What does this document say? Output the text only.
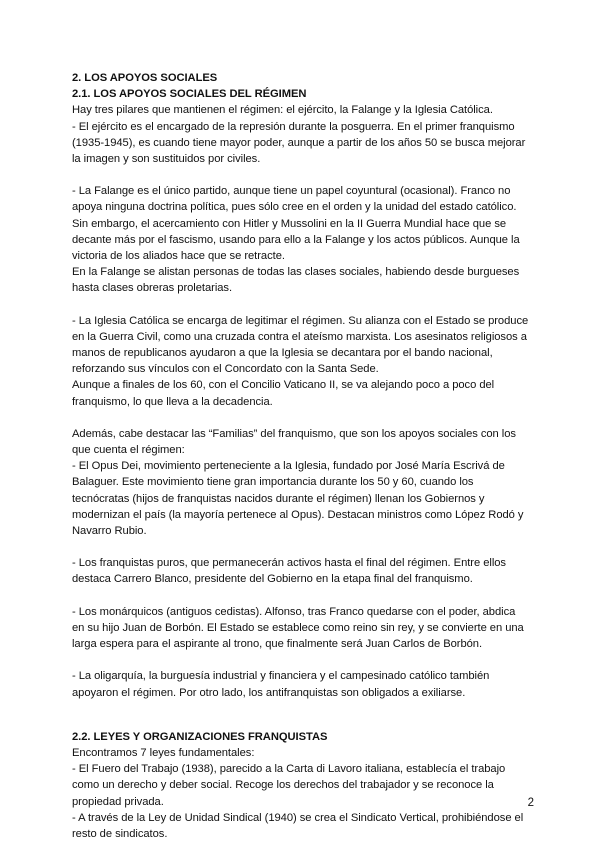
2. LOS APOYOS SOCIALES
2.1. LOS APOYOS SOCIALES DEL RÉGIMEN
Hay tres pilares que mantienen el régimen: el ejército, la Falange y la Iglesia Católica.
- El ejército es el encargado de la represión durante la posguerra. En el primer franquismo (1935-1945), es cuando tiene mayor poder, aunque a partir de los años 50 se busca mejorar la imagen y son sustituidos por civiles.
- La Falange es el único partido, aunque tiene un papel coyuntural (ocasional). Franco no apoya ninguna doctrina política, pues sólo cree en el orden y la unidad del estado católico. Sin embargo, el acercamiento con Hitler y Mussolini en la II Guerra Mundial hace que se decante más por el fascismo, usando para ello a la Falange y los actos públicos. Aunque la victoria de los aliados hace que se retracte.
En la Falange se alistan personas de todas las clases sociales, habiendo desde burgueses hasta clases obreras proletarias.
- La Iglesia Católica se encarga de legitimar el régimen. Su alianza con el Estado se produce en la Guerra Civil, como una cruzada contra el ateísmo marxista. Los asesinatos religiosos a manos de republicanos ayudaron a que la Iglesia se decantara por el bando nacional, reforzando sus vínculos con el Concordato con la Santa Sede.
Aunque a finales de los 60, con el Concilio Vaticano II, se va alejando poco a poco del franquismo, lo que lleva a la decadencia.
Además, cabe destacar las “Familias” del franquismo, que son los apoyos sociales con los que cuenta el régimen:
- El Opus Dei, movimiento perteneciente a la Iglesia, fundado por José María Escrivá de Balaguer. Este movimiento tiene gran importancia durante los 50 y 60, cuando los tecnócratas (hijos de franquistas nacidos durante el régimen) llenan los Gobiernos y modernizan el país (la mayoría pertenece al Opus). Destacan ministros como López Rodó y Navarro Rubio.
- Los franquistas puros, que permanecerán activos hasta el final del régimen. Entre ellos destaca Carrero Blanco, presidente del Gobierno en la etapa final del franquismo.
- Los monárquicos (antiguos cedistas). Alfonso, tras Franco quedarse con el poder, abdica en su hijo Juan de Borbón. El Estado se establece como reino sin rey, y se convierte en una larga espera para el aspirante al trono, que finalmente será Juan Carlos de Borbón.
- La oligarquía, la burguesía industrial y financiera y el campesinado católico también apoyaron el régimen. Por otro lado, los antifranquistas son obligados a exiliarse.
2.2. LEYES Y ORGANIZACIONES FRANQUISTAS
Encontramos 7 leyes fundamentales:
- El Fuero del Trabajo (1938), parecido a la Carta di Lavoro italiana, establecía el trabajo como un derecho y deber social. Recoge los derechos del trabajador y se reconoce la propiedad privada.
- A través de la Ley de Unidad Sindical (1940) se crea el Sindicato Vertical, prohibiéndose el resto de sindicatos.
2
